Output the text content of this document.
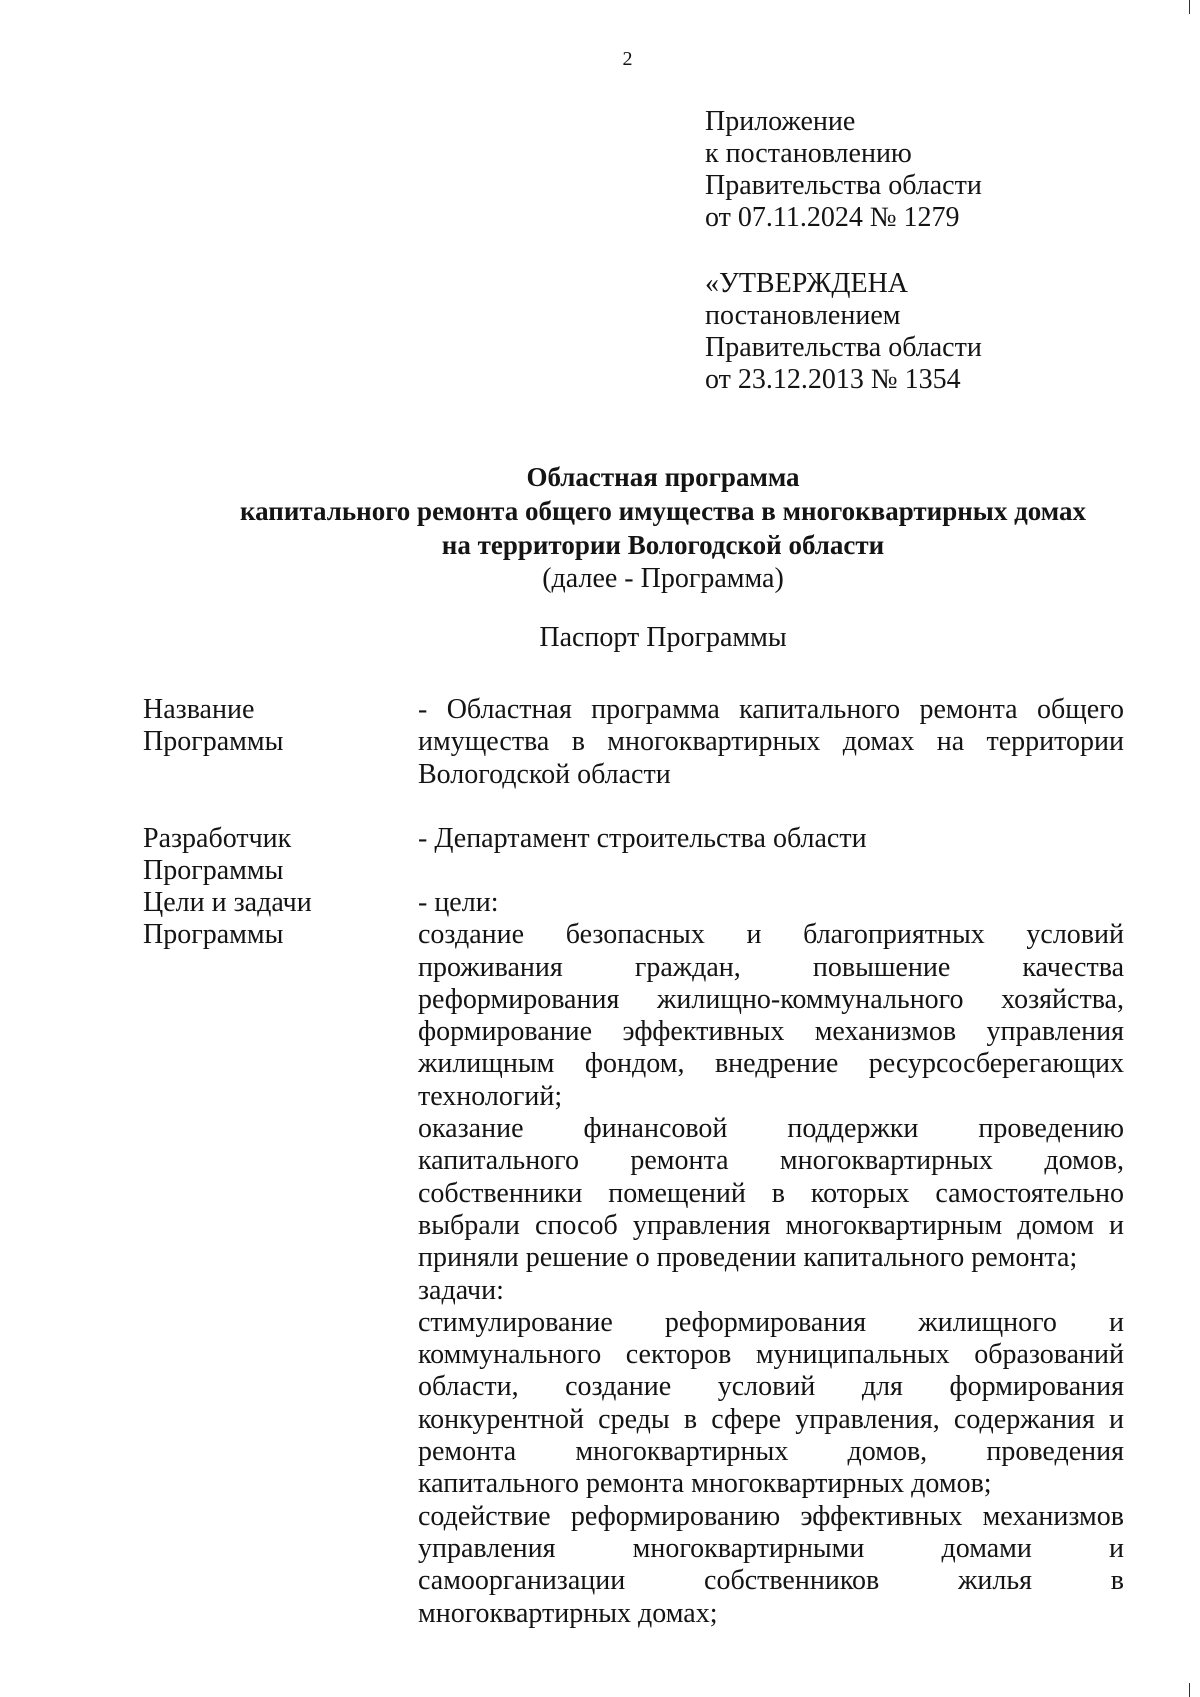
2
Приложение
к постановлению
Правительства области
от 07.11.2024 № 1279
«УТВЕРЖДЕНА
постановлением
Правительства области
от 23.12.2013 № 1354
Областная программа
капитального ремонта общего имущества в многоквартирных домах
на территории Вологодской области
(далее - Программа)
Паспорт Программы
Название
Программы

- Областная программа капитального ремонта общего имущества в многоквартирных домах на территории Вологодской области

Разработчик
Программы

- Департамент строительства области

Цели и задачи
Программы

- цели:

создание безопасных и благоприятных условий проживания граждан, повышение качества реформирования жилищно-коммунального хозяйства, формирование эффективных механизмов управления жилищным фондом, внедрение ресурсосберегающих технологий;

оказание финансовой поддержки проведению капитального ремонта многоквартирных домов, собственники помещений в которых самостоятельно выбрали способ управления многоквартирным домом и приняли решение о проведении капитального ремонта;

задачи:

стимулирование реформирования жилищного и коммунального секторов муниципальных образований области, создание условий для формирования конкурентной среды в сфере управления, содержания и ремонта многоквартирных домов, проведения капитального ремонта многоквартирных домов;

содействие реформированию эффективных механизмов управления многоквартирными домами и самоорганизации собственников жилья в многоквартирных домах;
